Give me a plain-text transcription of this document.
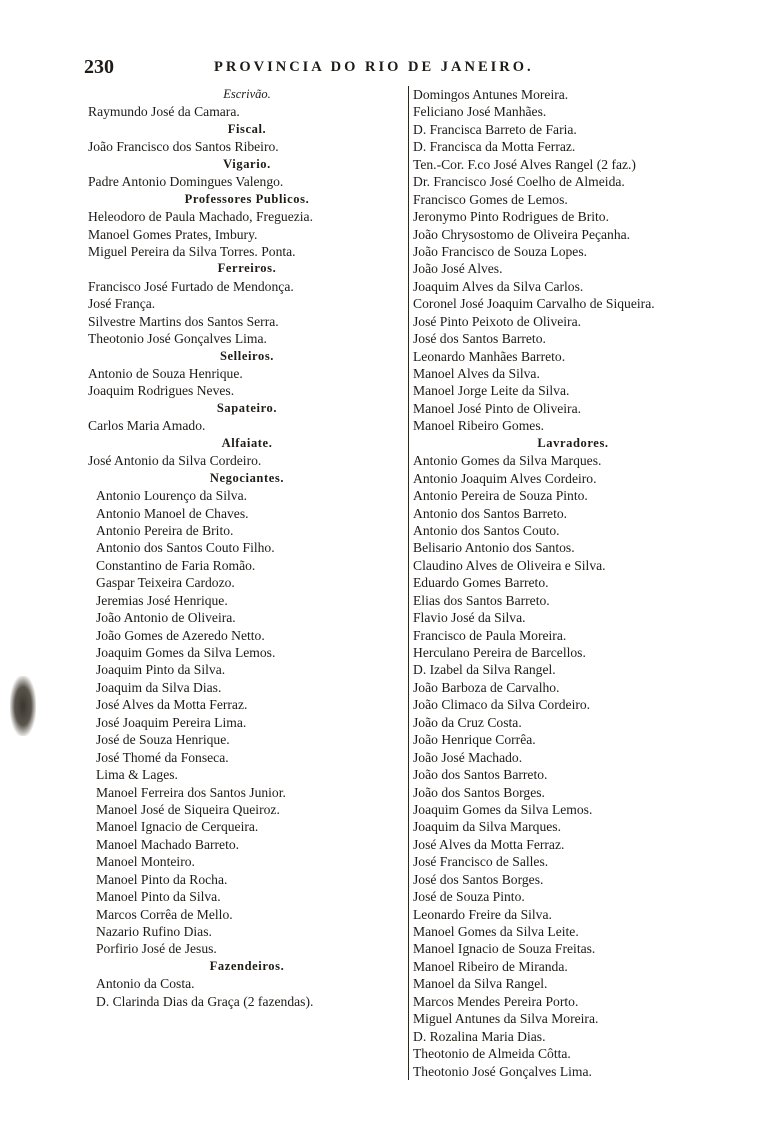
230	PROVINCIA DO RIO DE JANEIRO.
Escrivão.
Raymundo José da Camara.
Fiscal.
João Francisco dos Santos Ribeiro.
Vigario.
Padre Antonio Domingues Valengo.
Professores Publicos.
Heleodoro de Paula Machado, Freguezia.
Manoel Gomes Prates, Imbury.
Miguel Pereira da Silva Torres. Ponta.
Ferreiros.
Francisco José Furtado de Mendonça.
José França.
Silvestre Martins dos Santos Serra.
Theotonio José Gonçalves Lima.
Selleiros.
Antonio de Souza Henrique.
Joaquim Rodrigues Neves.
Sapateiro.
Carlos Maria Amado.
Alfaiate.
José Antonio da Silva Cordeiro.
Negociantes.
Antonio Lourenço da Silva.
Antonio Manoel de Chaves.
Antonio Pereira de Brito.
Antonio dos Santos Couto Filho.
Constantino de Faria Romão.
Gaspar Teixeira Cardozo.
Jeremias José Henrique.
João Antonio de Oliveira.
João Gomes de Azeredo Netto.
Joaquim Gomes da Silva Lemos.
Joaquim Pinto da Silva.
Joaquim da Silva Dias.
José Alves da Motta Ferraz.
José Joaquim Pereira Lima.
José de Souza Henrique.
José Thomé da Fonseca.
Lima & Lages.
Manoel Ferreira dos Santos Junior.
Manoel José de Siqueira Queiroz.
Manoel Ignacio de Cerqueira.
Manoel Machado Barreto.
Manoel Monteiro.
Manoel Pinto da Rocha.
Manoel Pinto da Silva.
Marcos Corrêa de Mello.
Nazario Rufino Dias.
Porfirio José de Jesus.
Fazendeiros.
Antonio da Costa.
D. Clarinda Dias da Graça (2 fazendas).
Domingos Antunes Moreira.
Feliciano José Manhães.
D. Francisca Barreto de Faria.
D. Francisca da Motta Ferraz.
Ten.-Cor. F.co José Alves Rangel (2 faz.)
Dr. Francisco José Coelho de Almeida.
Francisco Gomes de Lemos.
Jeronymo Pinto Rodrigues de Brito.
João Chrysostomo de Oliveira Peçanha.
João Francisco de Souza Lopes.
João José Alves.
Joaquim Alves da Silva Carlos.
Coronel José Joaquim Carvalho de Siqueira.
José Pinto Peixoto de Oliveira.
José dos Santos Barreto.
Leonardo Manhães Barreto.
Manoel Alves da Silva.
Manoel Jorge Leite da Silva.
Manoel José Pinto de Oliveira.
Manoel Ribeiro Gomes.
Lavradores.
Antonio Gomes da Silva Marques.
Antonio Joaquim Alves Cordeiro.
Antonio Pereira de Souza Pinto.
Antonio dos Santos Barreto.
Antonio dos Santos Couto.
Belisario Antonio dos Santos.
Claudino Alves de Oliveira e Silva.
Eduardo Gomes Barreto.
Elias dos Santos Barreto.
Flavio José da Silva.
Francisco de Paula Moreira.
Herculano Pereira de Barcellos.
D. Izabel da Silva Rangel.
João Barboza de Carvalho.
João Climaco da Silva Cordeiro.
João da Cruz Costa.
João Henrique Corrêa.
João José Machado.
João dos Santos Barreto.
João dos Santos Borges.
Joaquim Gomes da Silva Lemos.
Joaquim da Silva Marques.
José Alves da Motta Ferraz.
José Francisco de Salles.
José dos Santos Borges.
José de Souza Pinto.
Leonardo Freire da Silva.
Manoel Gomes da Silva Leite.
Manoel Ignacio de Souza Freitas.
Manoel Ribeiro de Miranda.
Manoel da Silva Rangel.
Marcos Mendes Pereira Porto.
Miguel Antunes da Silva Moreira.
D. Rozalina Maria Dias.
Theotonio de Almeida Côtta.
Theotonio José Gonçalves Lima.
